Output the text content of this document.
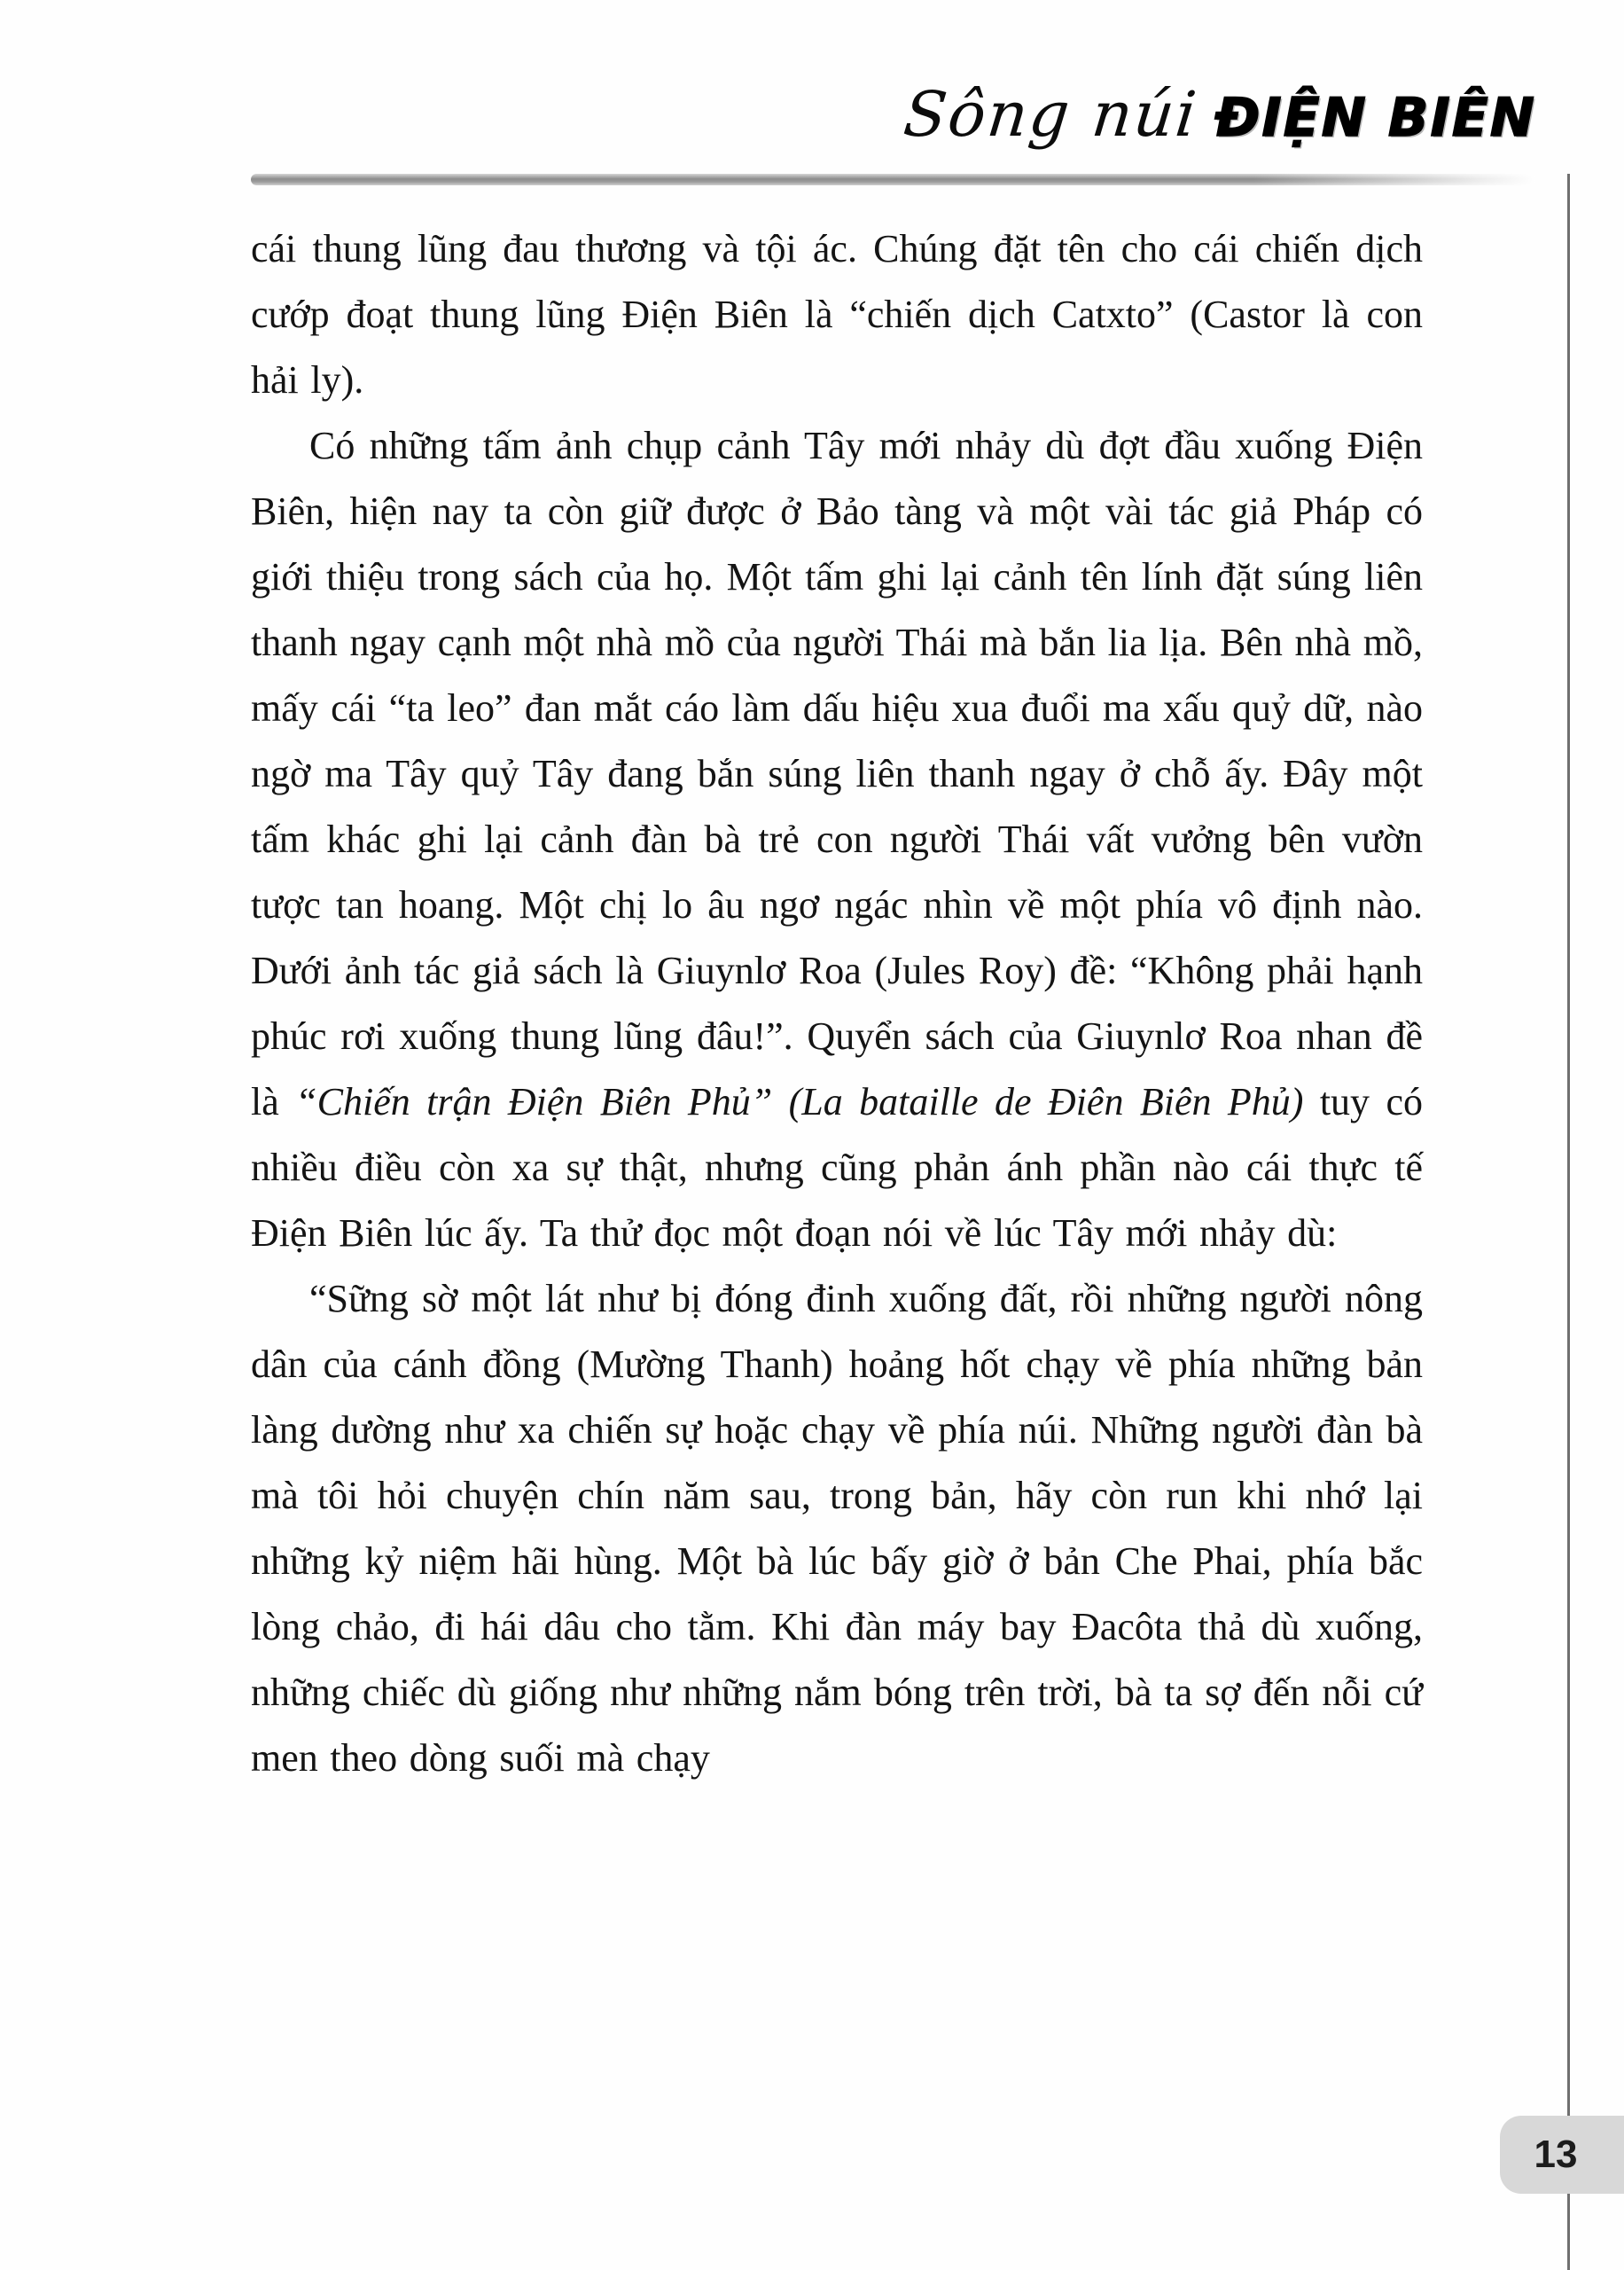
Sông núi ĐIỆN BIÊN

cái thung lũng đau thương và tội ác. Chúng đặt tên cho cái chiến dịch cướp đoạt thung lũng Điện Biên là “chiến dịch Catxto” (Castor là con hải ly).

Có những tấm ảnh chụp cảnh Tây mới nhảy dù đợt đầu xuống Điện Biên, hiện nay ta còn giữ được ở Bảo tàng và một vài tác giả Pháp có giới thiệu trong sách của họ. Một tấm ghi lại cảnh tên lính đặt súng liên thanh ngay cạnh một nhà mồ của người Thái mà bắn lia lịa. Bên nhà mồ, mấy cái “ta leo” đan mắt cáo làm dấu hiệu xua đuổi ma xấu quỷ dữ, nào ngờ ma Tây quỷ Tây đang bắn súng liên thanh ngay ở chỗ ấy. Đây một tấm khác ghi lại cảnh đàn bà trẻ con người Thái vất vưởng bên vườn tược tan hoang. Một chị lo âu ngơ ngác nhìn về một phía vô định nào. Dưới ảnh tác giả sách là Giuynlơ Roa (Jules Roy) đề: “Không phải hạnh phúc rơi xuống thung lũng đâu!”. Quyển sách của Giuynlơ Roa nhan đề là “Chiến trận Điện Biên Phủ” (La bataille de Điên Biên Phủ) tuy có nhiều điều còn xa sự thật, nhưng cũng phản ánh phần nào cái thực tế Điện Biên lúc ấy. Ta thử đọc một đoạn nói về lúc Tây mới nhảy dù:

“Sững sờ một lát như bị đóng đinh xuống đất, rồi những người nông dân của cánh đồng (Mường Thanh) hoảng hốt chạy về phía những bản làng dường như xa chiến sự hoặc chạy về phía núi. Những người đàn bà mà tôi hỏi chuyện chín năm sau, trong bản, hãy còn run khi nhớ lại những kỷ niệm hãi hùng. Một bà lúc bấy giờ ở bản Che Phai, phía bắc lòng chảo, đi hái dâu cho tằm. Khi đàn máy bay Đacôta thả dù xuống, những chiếc dù giống như những nắm bóng trên trời, bà ta sợ đến nỗi cứ men theo dòng suối mà chạy

13
